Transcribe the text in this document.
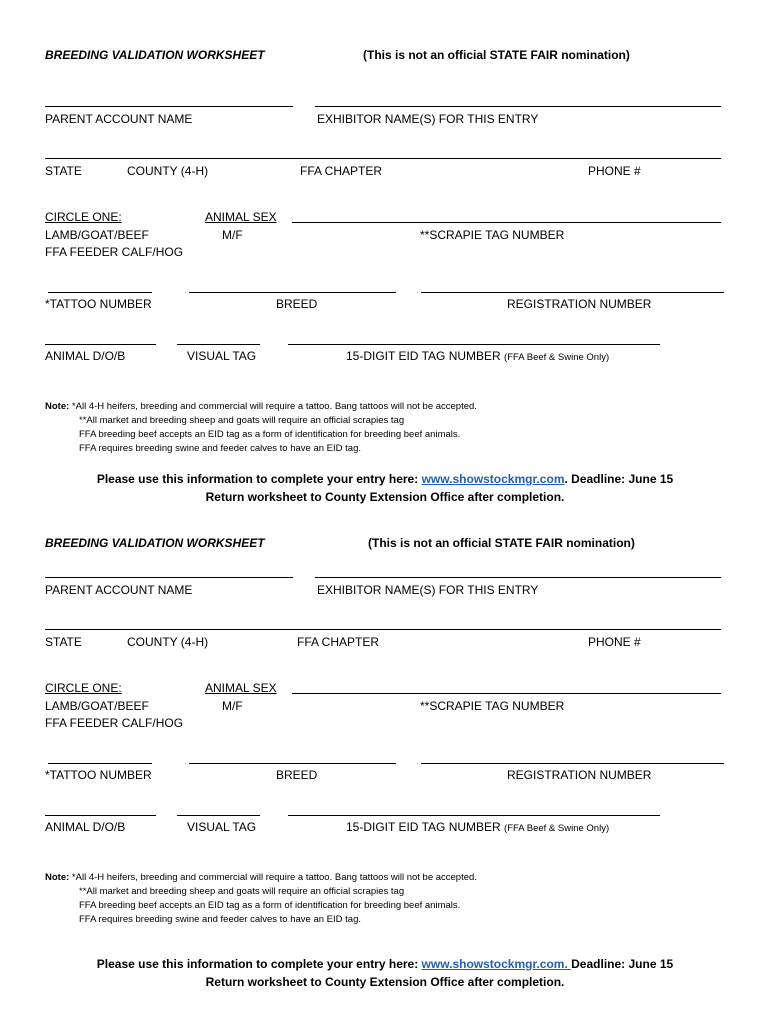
BREEDING VALIDATION WORKSHEET	(This is not an official STATE FAIR nomination)
PARENT ACCOUNT NAME	EXHIBITOR NAME(S) FOR THIS ENTRY
STATE	COUNTY (4-H)	FFA CHAPTER	PHONE #
CIRCLE ONE:
LAMB/GOAT/BEEF
FFA FEEDER CALF/HOG
ANIMAL SEX
M/F	**SCRAPIE TAG NUMBER
*TATTOO NUMBER	BREED	REGISTRATION NUMBER
ANIMAL D/O/B	VISUAL TAG	15-DIGIT EID TAG NUMBER (FFA Beef & Swine Only)
Note: *All 4-H heifers, breeding and commercial will require a tattoo. Bang tattoos will not be accepted.
**All market and breeding sheep and goats will require an official scrapies tag
FFA breeding beef accepts an EID tag as a form of identification for breeding beef animals.
FFA requires breeding swine and feeder calves to have an EID tag.
Please use this information to complete your entry here: www.showstockmgr.com. Deadline: June 15
Return worksheet to County Extension Office after completion.
BREEDING VALIDATION WORKSHEET	(This is not an official STATE FAIR nomination)
PARENT ACCOUNT NAME	EXHIBITOR NAME(S) FOR THIS ENTRY
STATE	COUNTY (4-H)	FFA CHAPTER	PHONE #
CIRCLE ONE:
LAMB/GOAT/BEEF
FFA FEEDER CALF/HOG
ANIMAL SEX
M/F	**SCRAPIE TAG NUMBER
*TATTOO NUMBER	BREED	REGISTRATION NUMBER
ANIMAL D/O/B	VISUAL TAG	15-DIGIT EID TAG NUMBER (FFA Beef & Swine Only)
Note: *All 4-H heifers, breeding and commercial will require a tattoo. Bang tattoos will not be accepted.
**All market and breeding sheep and goats will require an official scrapies tag
FFA breeding beef accepts an EID tag as a form of identification for breeding beef animals.
FFA requires breeding swine and feeder calves to have an EID tag.
Please use this information to complete your entry here: www.showstockmgr.com. Deadline: June 15
Return worksheet to County Extension Office after completion.
